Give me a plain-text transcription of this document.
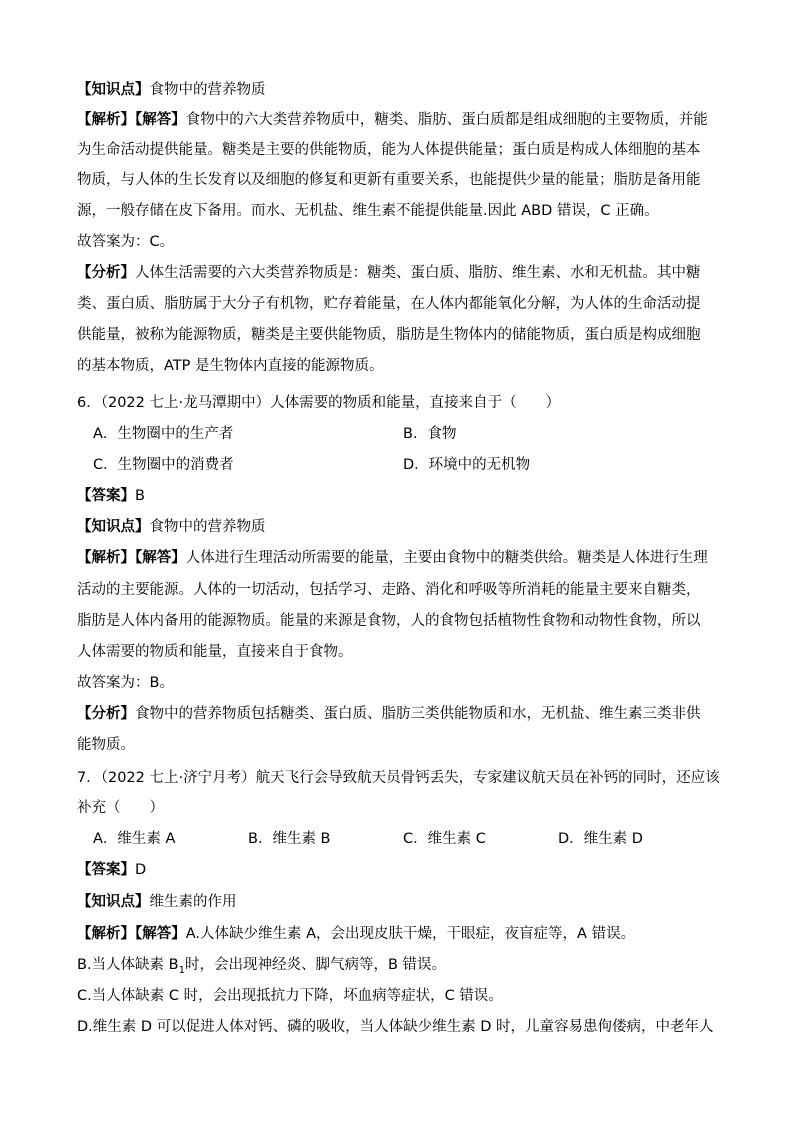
【知识点】食物中的营养物质
【解析】【解答】食物中的六大类营养物质中，糖类、脂肪、蛋白质都是组成细胞的主要物质，并能
为生命活动提供能量。糖类是主要的供能物质，能为人体提供能量；蛋白质是构成人体细胞的基本
物质，与人体的生长发育以及细胞的修复和更新有重要关系，也能提供少量的能量；脂肪是备用能
源，一般存储在皮下备用。而水、无机盐、维生素不能提供能量.因此 ABD 错误，C 正确。
故答案为：C。
【分析】人体生活需要的六大类营养物质是：糖类、蛋白质、脂肪、维生素、水和无机盐。其中糖
类、蛋白质、脂肪属于大分子有机物，贮存着能量，在人体内都能氧化分解，为人体的生命活动提
供能量，被称为能源物质，糖类是主要供能物质，脂肪是生物体内的储能物质，蛋白质是构成细胞
的基本物质，ATP 是生物体内直接的能源物质。
6．（2022 七上·龙马潭期中）人体需要的物质和能量，直接来自于（　　）
A．生物圈中的生产者	B．食物
C．生物圈中的消费者	D．环境中的无机物
【答案】B
【知识点】食物中的营养物质
【解析】【解答】人体进行生理活动所需要的能量，主要由食物中的糖类供给。糖类是人体进行生理
活动的主要能源。人体的一切活动，包括学习、走路、消化和呼吸等所消耗的能量主要来自糖类，
脂肪是人体内备用的能源物质。能量的来源是食物，人的食物包括植物性食物和动物性食物，所以
人体需要的物质和能量，直接来自于食物。
故答案为：B。
【分析】食物中的营养物质包括糖类、蛋白质、脂肪三类供能物质和水，无机盐、维生素三类非供
能物质。
7．（2022 七上·济宁月考）航天飞行会导致航天员骨钙丢失，专家建议航天员在补钙的同时，还应该
补充（　　）
A．维生素 A	B．维生素 B	C．维生素 C	D．维生素 D
【答案】D
【知识点】维生素的作用
【解析】【解答】A.人体缺少维生素 A，会出现皮肤干燥，干眼症，夜盲症等，A 错误。
B.当人体缺素 $B_1$时，会出现神经炎、脚气病等，B 错误。
C.当人体缺素 C 时，会出现抵抗力下降，坏血病等症状，C 错误。
D.维生素 D 可以促进人体对钙、磷的吸收，当人体缺少维生素 D 时，儿童容易患佝偻病，中老年人
